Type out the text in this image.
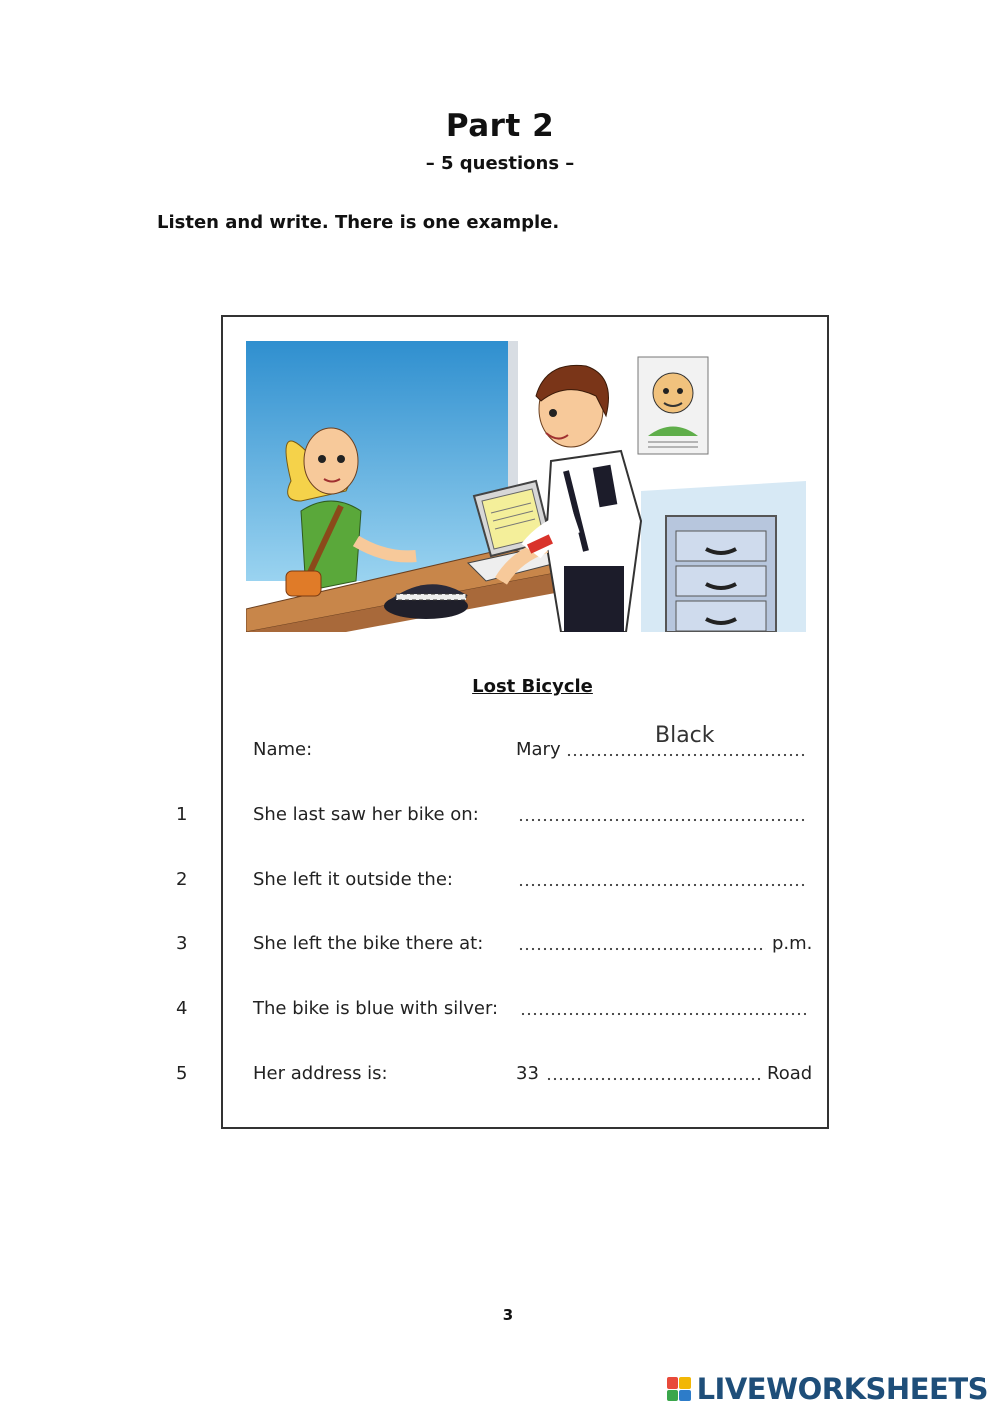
Part 2
– 5 questions –
Listen and write. There is one example.
Lost Bicycle
Name:	Mary
Black
1	She last saw her bike on:
2	She left it outside the:
3	She left the bike there at:	p.m.
4	The bike is blue with silver:
5	Her address is:	33	Road
3
LIVEWORKSHEETS
